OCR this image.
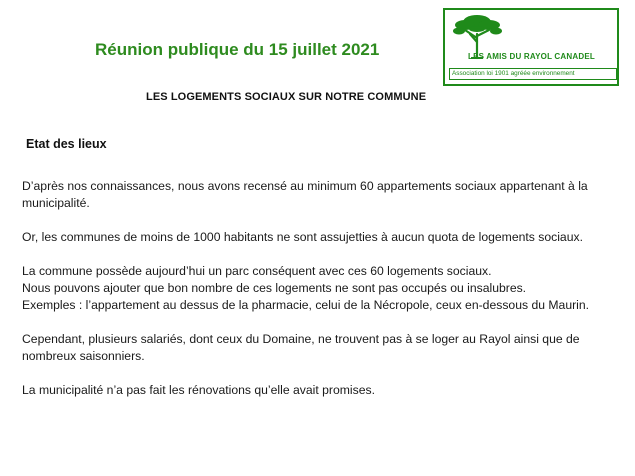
Réunion publique du 15 juillet 2021	LES AMIS DU RAYOL CANADEL
Association loi 1901 agréée environnement
LES LOGEMENTS SOCIAUX SUR NOTRE COMMUNE
Etat des lieux

D’après nos connaissances, nous avons recensé au minimum 60 appartements sociaux appartenant à la

municipalité.

Or, les communes de moins de 1000 habitants ne sont assujetties à aucun quota de logements sociaux.

La commune possède aujourd’hui un parc conséquent avec ces 60 logements sociaux.

Nous pouvons ajouter que bon nombre de ces logements ne sont pas occupés ou insalubres.

Exemples : l’appartement au dessus de la pharmacie, celui de la Nécropole, ceux en-dessous du Maurin.

Cependant, plusieurs salariés, dont ceux du Domaine, ne trouvent pas à se loger au Rayol ainsi que de

nombreux saisonniers.

La municipalité n’a pas fait les rénovations qu’elle avait promises.
